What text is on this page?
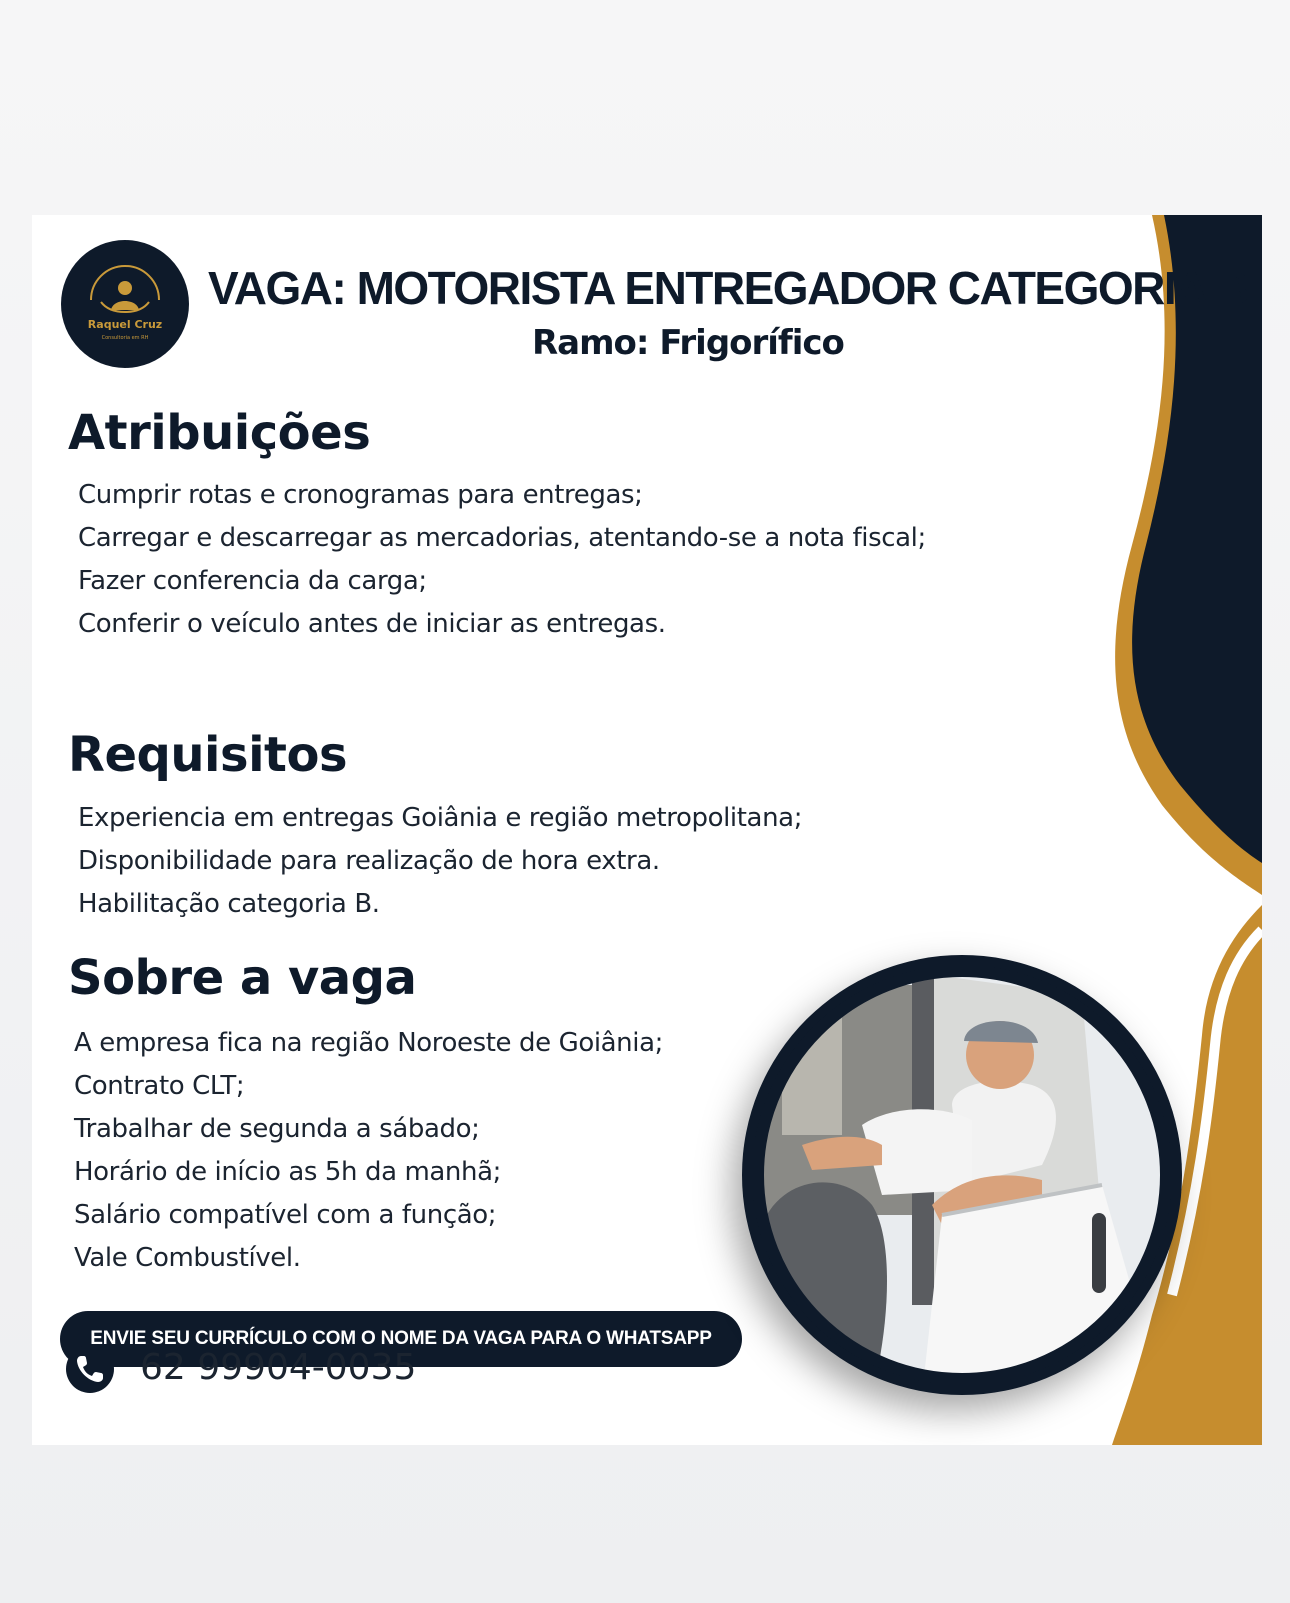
Raquel Cruz
Consultoria em RH
VAGA: MOTORISTA ENTREGADOR CATEGORIA B
Ramo: Frigorífico
Atribuições
Cumprir rotas e cronogramas para entregas;
Carregar e descarregar as mercadorias, atentando-se a nota fiscal;
Fazer conferencia da carga;
Conferir o veículo antes de iniciar as entregas.
Requisitos
Experiencia em entregas Goiânia e região metropolitana;
Disponibilidade para realização de hora extra.
Habilitação categoria B.
Sobre a vaga
A empresa fica na região Noroeste de Goiânia;
Contrato CLT;
Trabalhar de segunda a sábado;
Horário de início as 5h da manhã;
Salário compatível com a função;
Vale Combustível.
ENVIE SEU CURRÍCULO COM O NOME DA VAGA PARA O WHATSAPP
62 99904-0035
